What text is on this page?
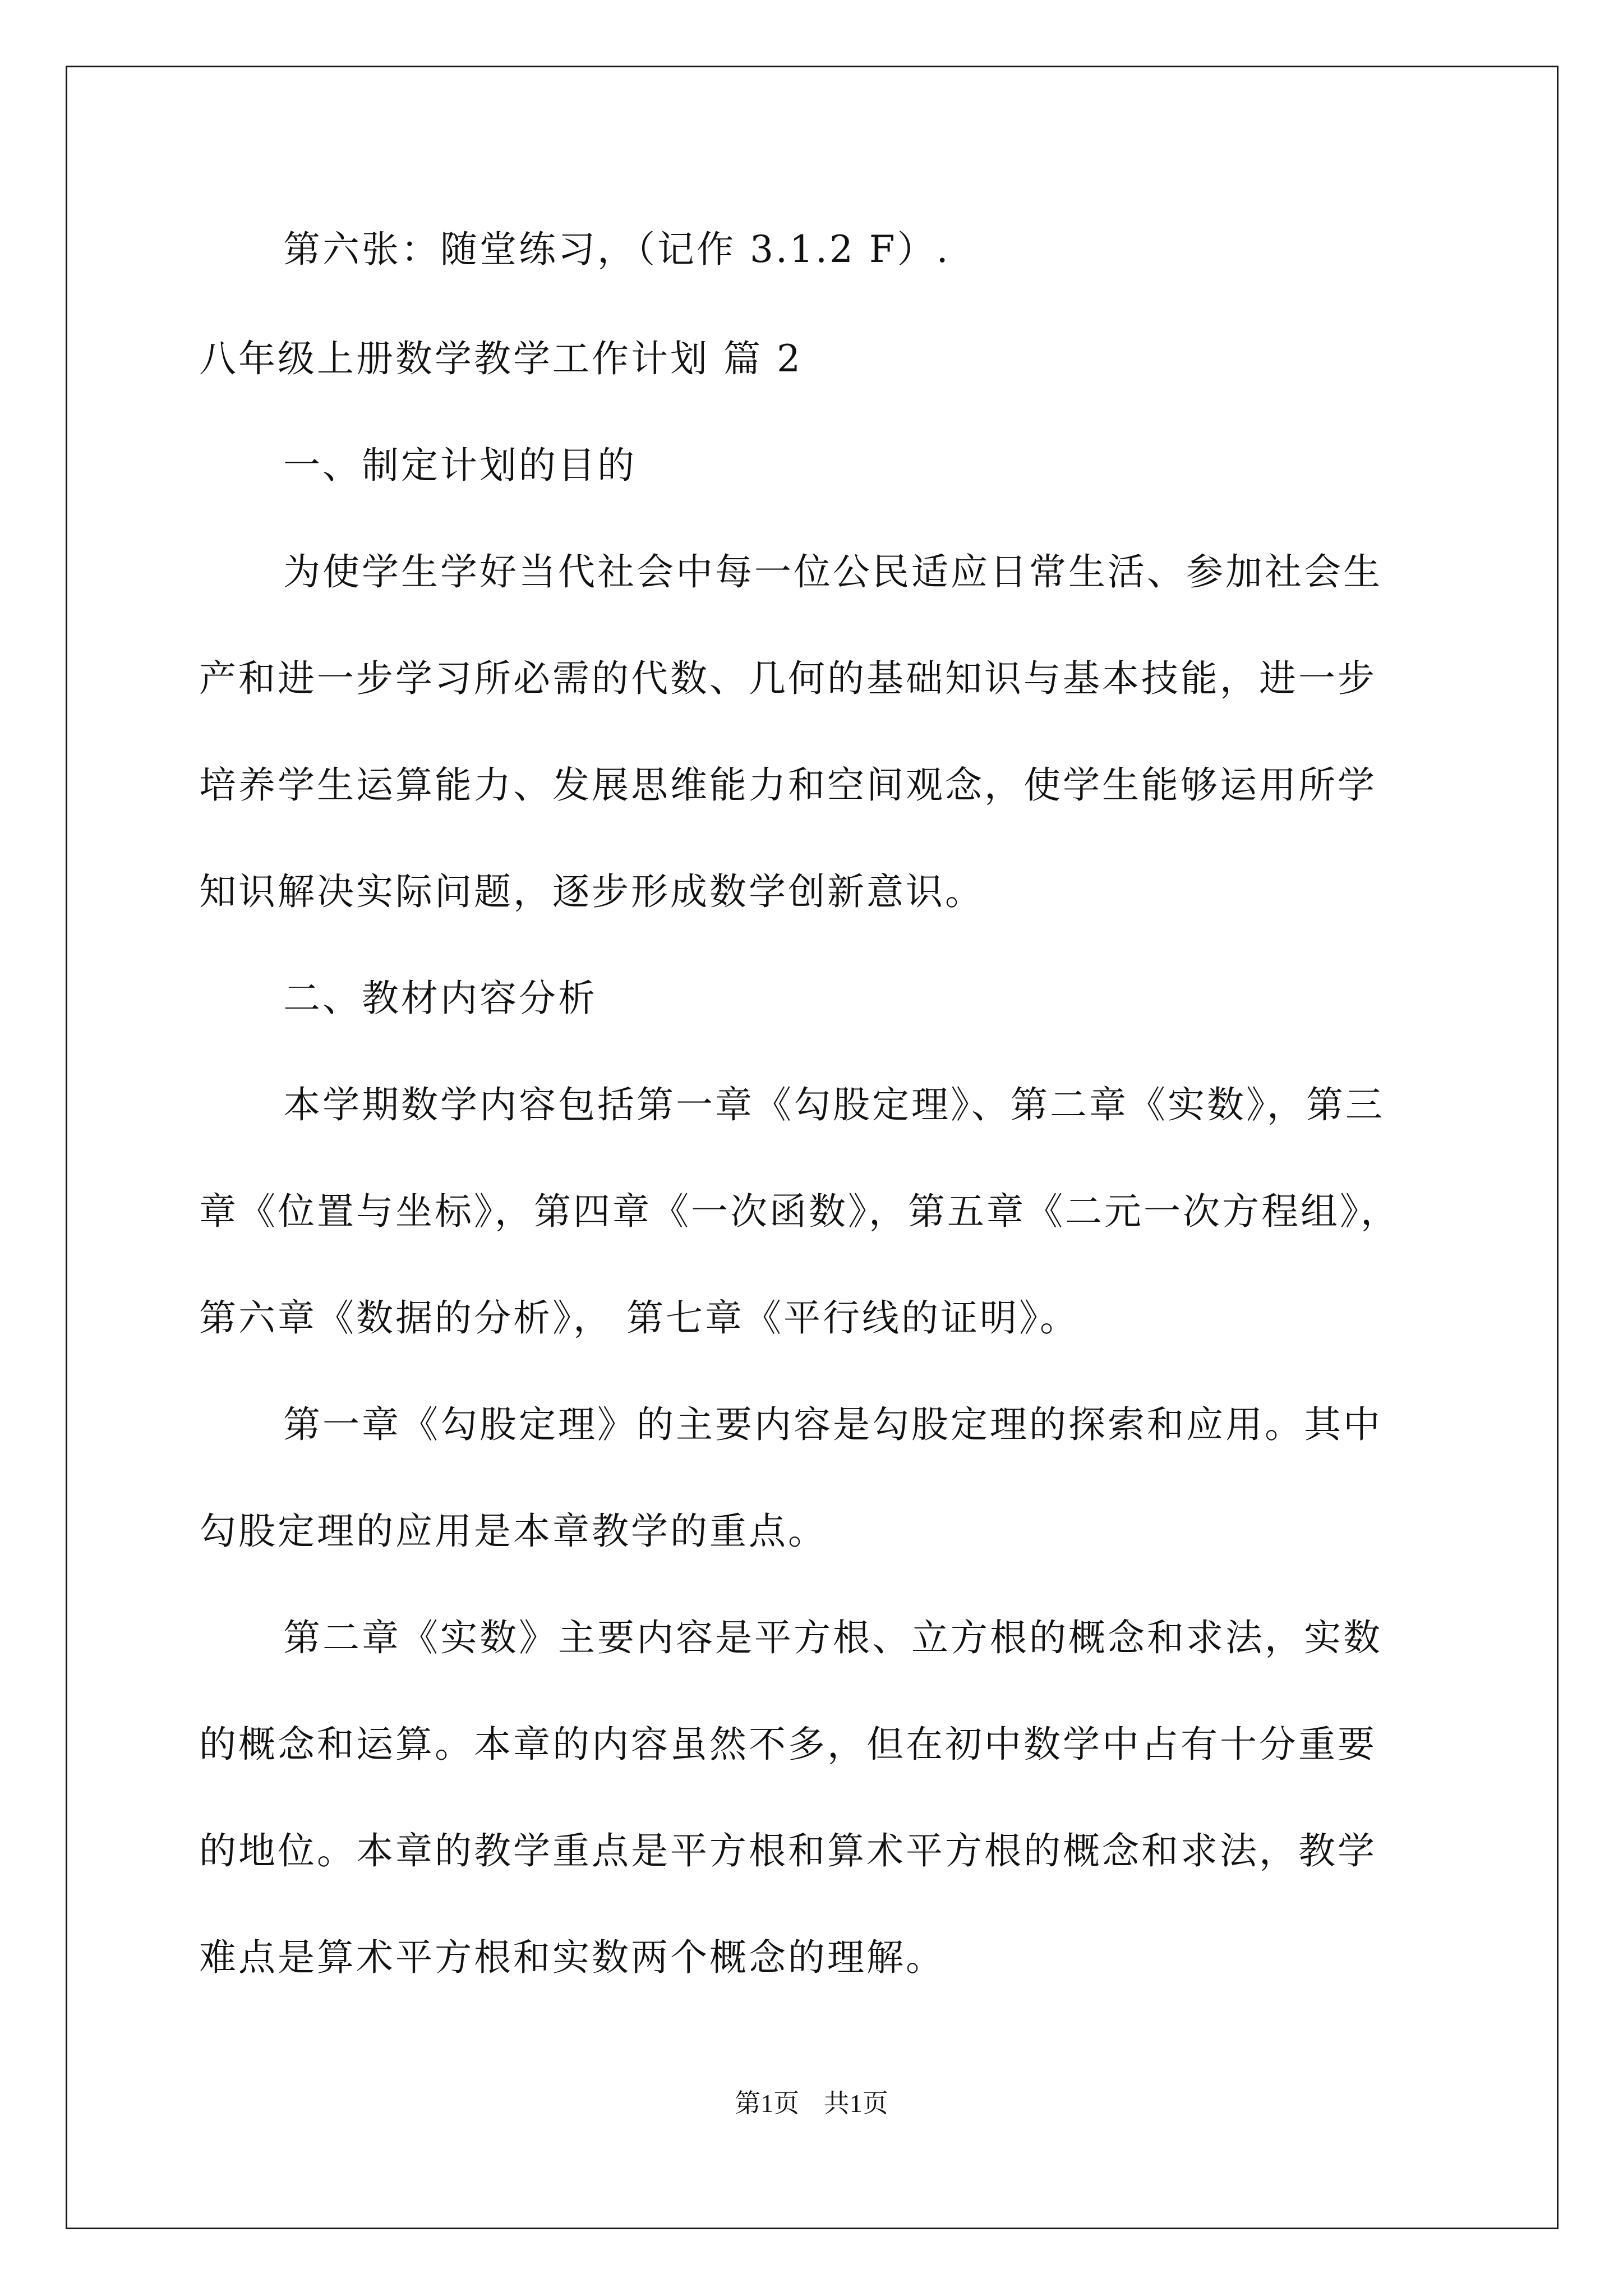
第六张：随堂练习，（记作 3.1.2 F）.
八年级上册数学教学工作计划 篇 2
一、制定计划的目的
为使学生学好当代社会中每一位公民适应日常生活、参加社会生
产和进一步学习所必需的代数、几何的基础知识与基本技能，进一步
培养学生运算能力、发展思维能力和空间观念，使学生能够运用所学
知识解决实际问题，逐步形成数学创新意识。
二、教材内容分析
本学期数学内容包括第一章《勾股定理》、第二章《实数》，第三
章《位置与坐标》，第四章《一次函数》，第五章《二元一次方程组》，
第六章《数据的分析》， 第七章《平行线的证明》。
第一章《勾股定理》的主要内容是勾股定理的探索和应用。其中
勾股定理的应用是本章教学的重点。
第二章《实数》主要内容是平方根、立方根的概念和求法，实数
的概念和运算。本章的内容虽然不多，但在初中数学中占有十分重要
的地位。本章的教学重点是平方根和算术平方根的概念和求法，教学
难点是算术平方根和实数两个概念的理解。
第1页 共1页
